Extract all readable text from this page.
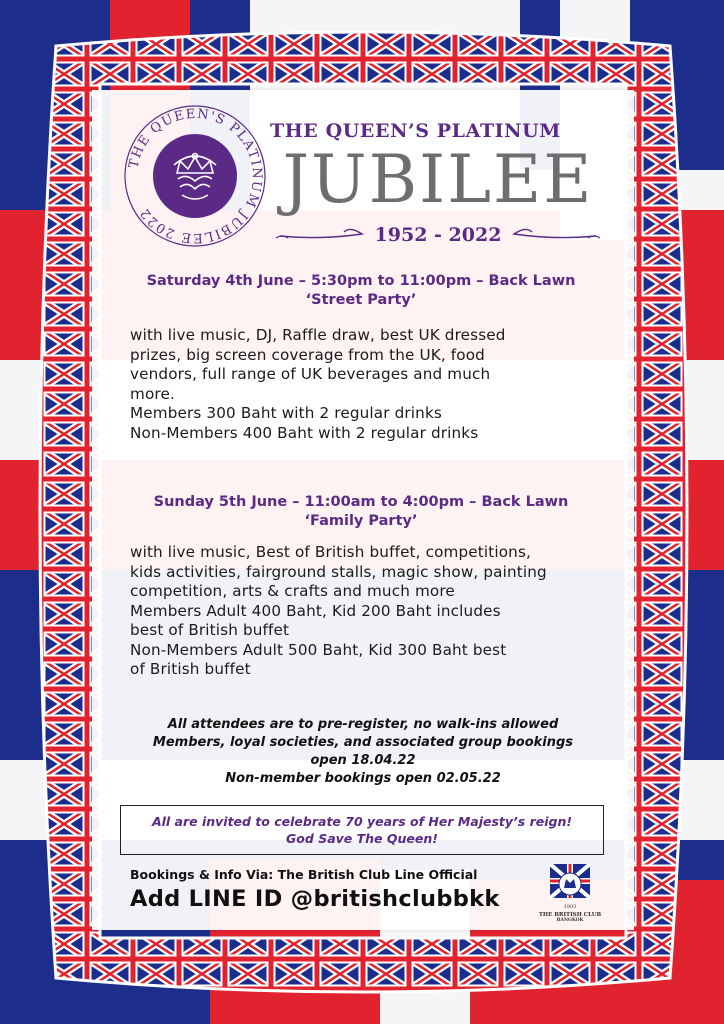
THE QUEEN'S PLATINUM JUBILEE 2022
THE QUEEN’S PLATINUM
JUBILEE
1952 - 2022
Saturday 4th June – 5:30pm to 11:00pm – Back Lawn
‘Street Party’
with live music, DJ, Raffle draw, best UK dressed
prizes, big screen coverage from the UK, food
vendors, full range of UK beverages and much
more.
Members 300 Baht with 2 regular drinks
Non-Members 400 Baht with 2 regular drinks
Sunday 5th June – 11:00am to 4:00pm – Back Lawn
‘Family Party’
with live music, Best of British buffet, competitions,
kids activities, fairground stalls, magic show, painting
competition, arts & crafts and much more
Members Adult 400 Baht, Kid 200 Baht includes
best of British buffet
Non-Members Adult 500 Baht, Kid 300 Baht best
of British buffet
All attendees are to pre-register, no walk-ins allowed
Members, loyal societies, and associated group bookings
open 18.04.22
Non-member bookings open 02.05.22
All are invited to celebrate 70 years of Her Majesty’s reign!
God Save The Queen!
Bookings & Info Via: The British Club Line Official
Add LINE ID @britishclubbkk	1903
THE BRITISH CLUB
BANGKOK
